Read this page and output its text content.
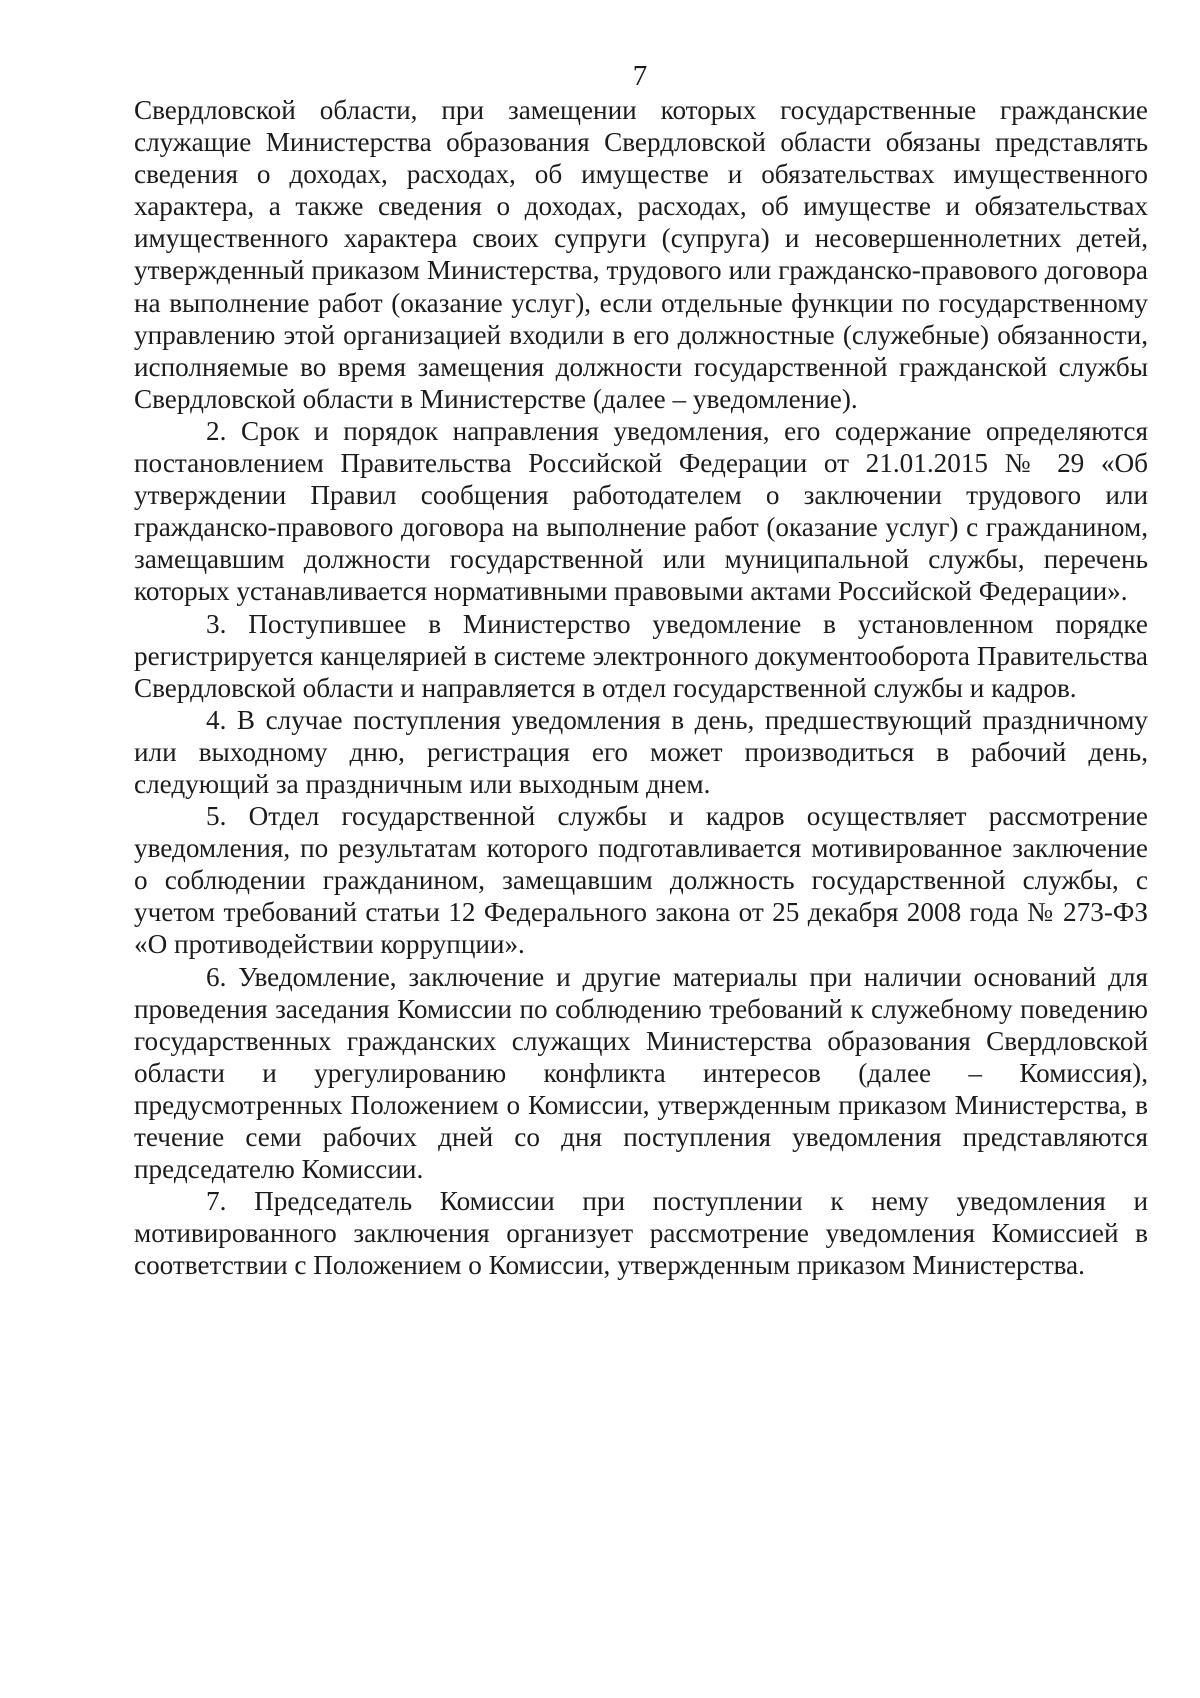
7

Свердловской области, при замещении которых государственные гражданские служащие Министерства образования Свердловской области обязаны представлять сведения о доходах, расходах, об имуществе и обязательствах имущественного характера, а также сведения о доходах, расходах, об имуществе и обязательствах имущественного характера своих супруги (супруга) и несовершеннолетних детей, утвержденный приказом Министерства, трудового или гражданско-правового договора на выполнение работ (оказание услуг), если отдельные функции по государственному управлению этой организацией входили в его должностные (служебные) обязанности, исполняемые во время замещения должности государственной гражданской службы Свердловской области в Министерстве (далее – уведомление).

2. Срок и порядок направления уведомления, его содержание определяются постановлением Правительства Российской Федерации от 21.01.2015 № 29 «Об утверждении Правил сообщения работодателем о заключении трудового или гражданско-правового договора на выполнение работ (оказание услуг) с гражданином, замещавшим должности государственной или муниципальной службы, перечень которых устанавливается нормативными правовыми актами Российской Федерации».

3. Поступившее в Министерство уведомление в установленном порядке регистрируется канцелярией в системе электронного документооборота Правительства Свердловской области и направляется в отдел государственной службы и кадров.

4. В случае поступления уведомления в день, предшествующий праздничному или выходному дню, регистрация его может производиться в рабочий день, следующий за праздничным или выходным днем.

5. Отдел государственной службы и кадров осуществляет рассмотрение уведомления, по результатам которого подготавливается мотивированное заключение о соблюдении гражданином, замещавшим должность государственной службы, с учетом требований статьи 12 Федерального закона от 25 декабря 2008 года № 273-ФЗ «О противодействии коррупции».

6. Уведомление, заключение и другие материалы при наличии оснований для проведения заседания Комиссии по соблюдению требований к служебному поведению государственных гражданских служащих Министерства образования Свердловской области и урегулированию конфликта интересов (далее – Комиссия), предусмотренных Положением о Комиссии, утвержденным приказом Министерства, в течение семи рабочих дней со дня поступления уведомления представляются председателю Комиссии.

7. Председатель Комиссии при поступлении к нему уведомления и мотивированного заключения организует рассмотрение уведомления Комиссией в соответствии с Положением о Комиссии, утвержденным приказом Министерства.
